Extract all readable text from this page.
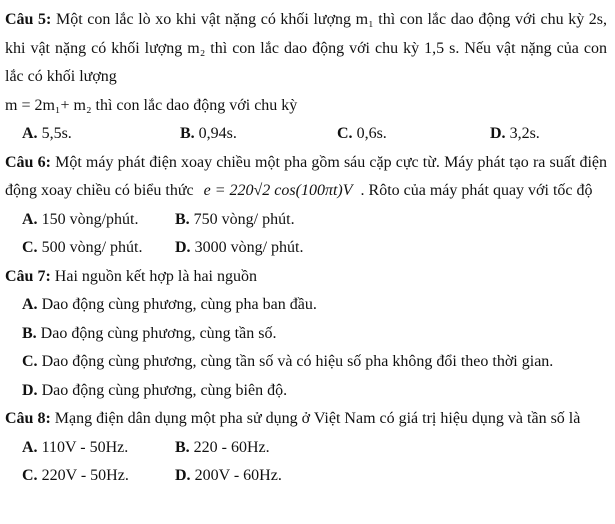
Câu 5: Một con lắc lò xo khi vật nặng có khối lượng m₁ thì con lắc dao động với chu kỳ 2s, khi vật nặng có khối lượng m₂ thì con lắc dao động với chu kỳ 1,5 s. Nếu vật nặng của con lắc có khối lượng

m = 2m₁+ m₂ thì con lắc dao động với chu kỳ

A. 5,5s.	B. 0,94s.	C. 0,6s.	D. 3,2s.

Câu 6: Một máy phát điện xoay chiều một pha gồm sáu cặp cực từ. Máy phát tạo ra suất điện động xoay chiều có biểu thức e = 220√2 cos(100πt)V . Rôto của máy phát quay với tốc độ

A. 150 vòng/phút.	B. 750 vòng/ phút.
C. 500 vòng/ phút.	D. 3000 vòng/ phút.

Câu 7: Hai nguồn kết hợp là hai nguồn

A. Dao động cùng phương, cùng pha ban đầu.
B. Dao động cùng phương, cùng tần số.
C. Dao động cùng phương, cùng tần số và có hiệu số pha không đổi theo thời gian.
D. Dao động cùng phương, cùng biên độ.

Câu 8: Mạng điện dân dụng một pha sử dụng ở Việt Nam có giá trị hiệu dụng và tần số là

A. 110V - 50Hz.	B. 220 - 60Hz.
C. 220V - 50Hz.	D. 200V - 60Hz.
